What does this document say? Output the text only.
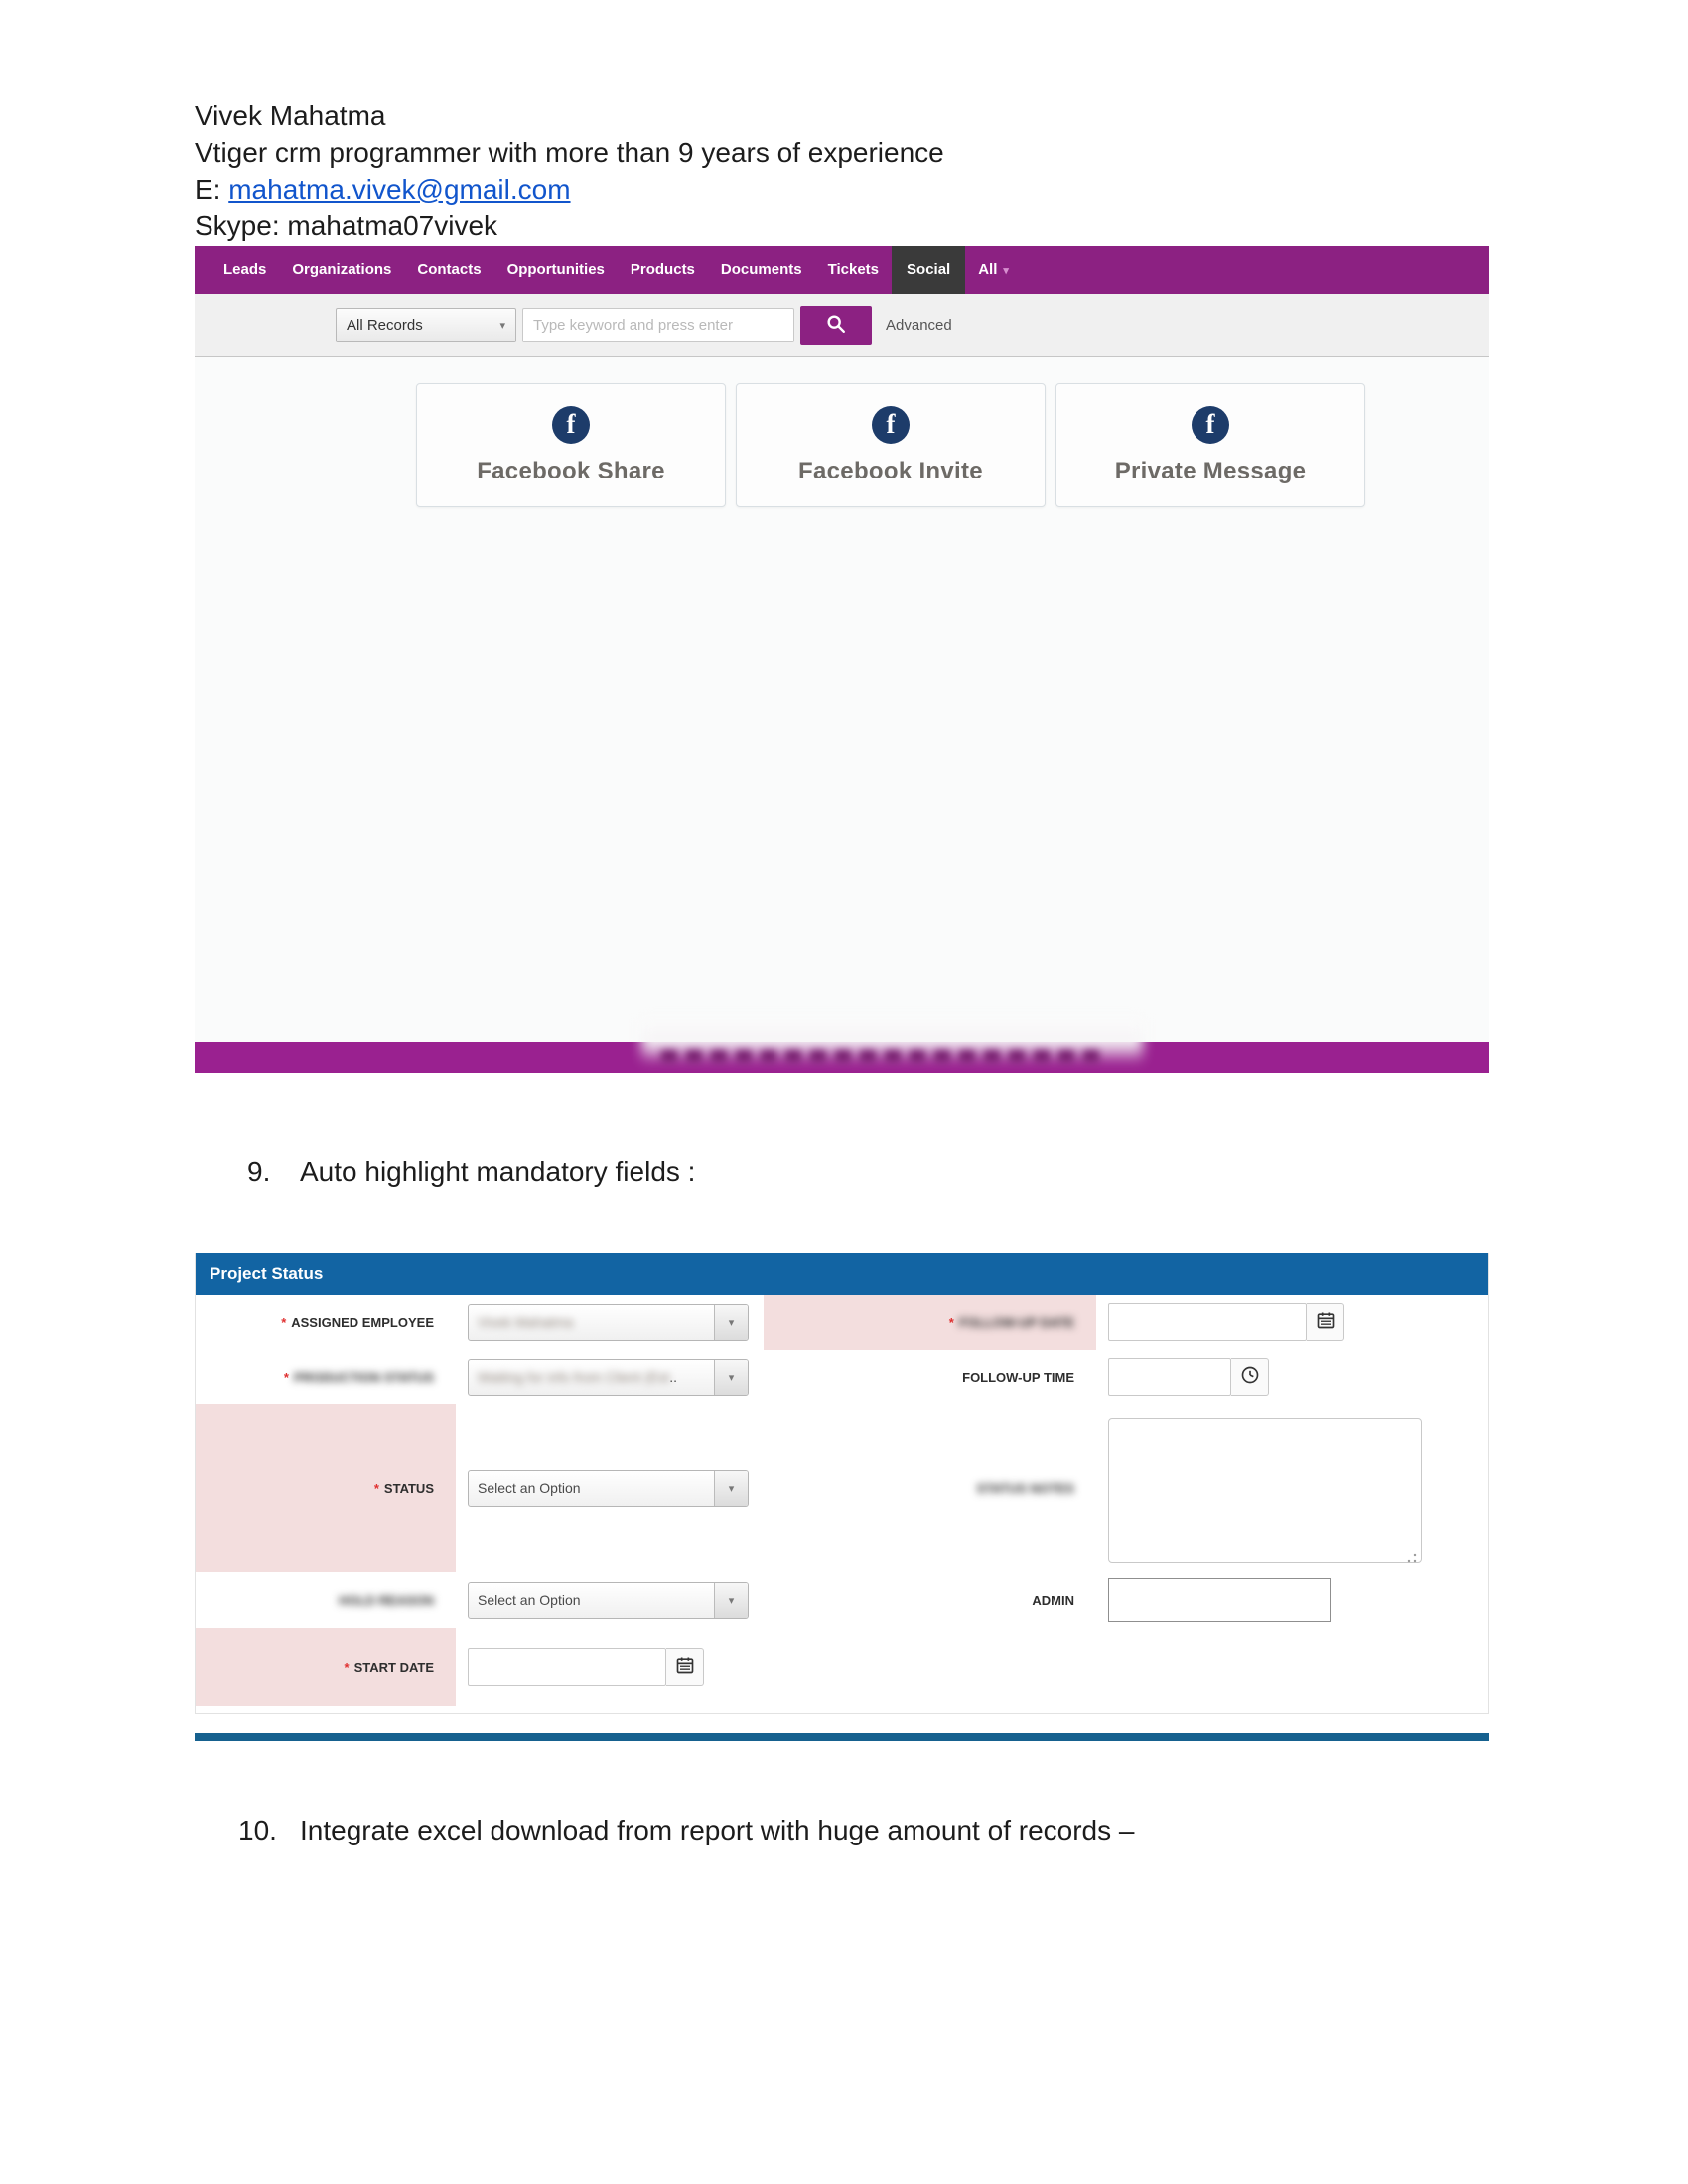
Vivek Mahatma
Vtiger crm programmer with more than 9 years of experience
E: mahatma.vivek@gmail.com
Skype: mahatma07vivek
Leads	Organizations	Contacts	Opportunities	Products	Documents	Tickets	Social	All ▾
All Records	▾
Type keyword and press enter	Advanced
f
Facebook Share
f
Facebook Invite
f
Private Message
9.	Auto highlight mandatory fields :
Project Status
* ASSIGNED EMPLOYEE	Vivek Mahatma	▾	* FOLLOW-UP DATE
* PRODUCTION STATUS	Waiting for info from Client (Est ..	▾	FOLLOW-UP TIME
* STATUS	Select an Option	▾	STATUS NOTES
HOLD REASON	Select an Option	▾	ADMIN
* START DATE
10. Integrate excel download from report with huge amount of records –
